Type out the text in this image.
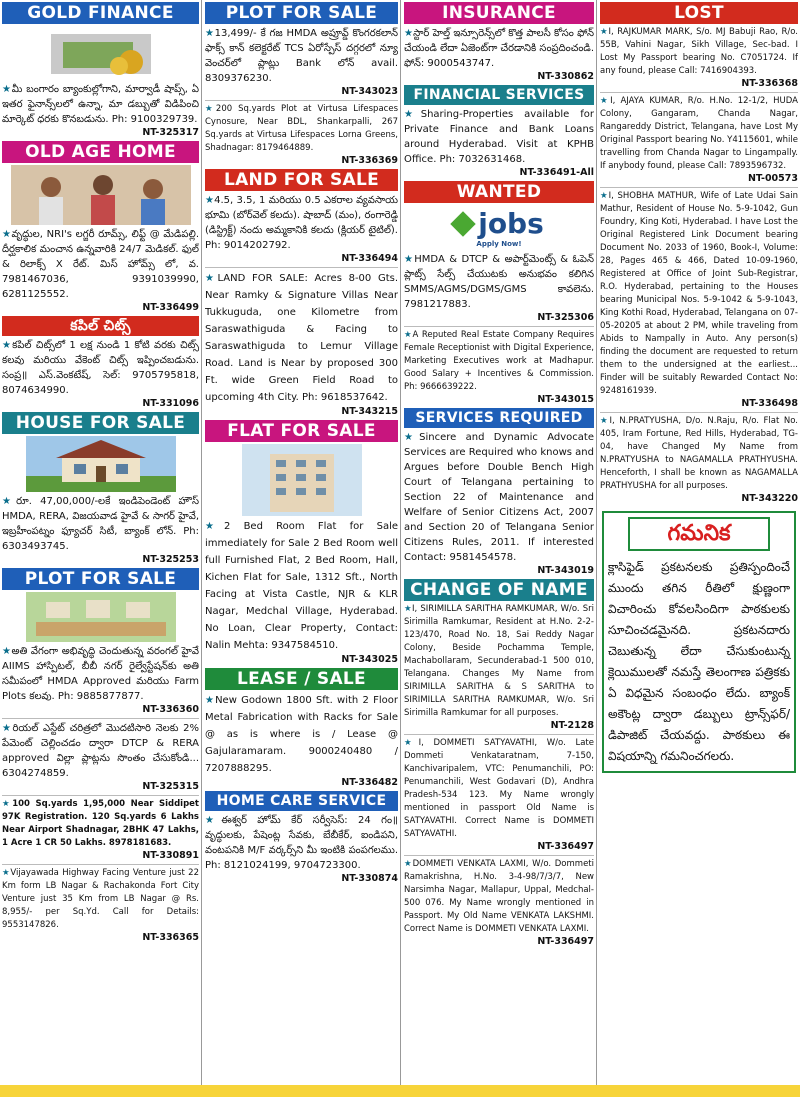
GOLD FINANCE
★మీ బంగారం బ్యాంకుల్లోగాని, మార్వాడీ షాప్స్, ఏ ఇతర ఫైనాన్స్‌లలో ఉన్నా, మా డబ్బుతో విడిపించి మార్కెట్ ధరకు కొనబడును. Ph: 9100329739.
NT-325317
OLD AGE HOME
★వృద్ధుల, NRI's లగ్జరీ రూమ్స్, లిఫ్ట్ @ మేడిపల్లి. దీర్ఘకాలిక మంచాన ఉన్నవారికి 24/7 మెడికల్. ఫుల్ & రిలాక్స్ X రేట్. మిస్ హోమ్స్ లో, వ. 7981467036, 9391039990, 6281125552.
NT-336499
కపిల్ చిట్స్
★కపిల్ చిట్స్‌లో 1 లక్ష నుండి 1 కోటి వరకు చిట్స్ కలవు మరియు వేకెంట్ చిట్స్ ఇప్పించబడును. సంప్ర॥ ఎస్.వెంకటేష్, సెల్: 9705795818, 8074634990.
NT-331096
HOUSE FOR SALE
★రూ. 47,00,000/-లకే ఇండిపెండెంట్ హౌస్ HMDA, RERA, విజయవాడ హైవే & సాగర్ హైవే, ఇబ్రహీంపట్నం ఫ్యూచర్ సిటీ, బ్యాంక్ లోన్. Ph: 6303493745.
NT-325253
PLOT FOR SALE
★అతి వేగంగా అభివృద్ధి చెందుతున్న వరంగల్ హైవే AIIMS హాస్పిటల్, బీబీ నగర్ రైల్వేస్టేషన్‌కు అతి సమీపంలో HMDA Approved మరియు Farm Plots కలవు. Ph: 9885877877.
NT-336360
★రియల్ ఎస్టేట్ చరిత్రలో మొదటిసారి నెలకు 2% పేమెంట్ చెల్లించడం ద్వారా DTCP & RERA approved విల్లా ప్లాట్లను సొంతం చేసుకోండి... 6304274859.
NT-325315
★100 Sq.yards 1,95,000 Near Siddipet 97K Registration. 120 Sq.yards 6 Lakhs Near Airport Shadnagar, 2BHK 47 Lakhs, 1 Acre 1 CR 50 Lakhs. 8978181683.
NT-330891
★Vijayawada Highway Facing Venture just 22 Km form LB Nagar & Rachakonda Fort City Venture just 35 Km from LB Nagar @ Rs. 8,955/- per Sq.Yd. Call for Details: 9553147826.
NT-336365
PLOT FOR SALE
★13,499/- కే గజ HMDA అప్రూవ్డ్ కొంగరకలాన్ ఫాక్స్ కాన్ కలెక్టరేట్ TCS ఏరోస్పేస్ దగ్గరలో న్యూ వెంచర్‌లో ప్లాట్లు Bank లోన్ avail. 8309376230.
NT-343023
★200 Sq.yards Plot at Virtusa Lifespaces Cynosure, Near BDL, Shankarpalli, 267 Sq.yards at Virtusa Lifespaces Lorna Greens, Shadnagar: 8179464889.
NT-336369
LAND FOR SALE
★4.5, 3.5, 1 మరియు 0.5 ఎకరాల వ్యవసాయ భూమి (బోర్‌వెల్ కలదు). షాబాద్ (మం), రంగారెడ్డి (డిస్ట్రిక్ట్) నందు అమ్మకానికి కలదు (క్లియర్ టైటిల్). Ph: 9014202792.
NT-336494
★LAND FOR SALE: Acres 8-00 Gts. Near Ramky & Signature Villas Near Tukkuguda, one Kilometre from Saraswathiguda & Facing to Saraswathiguda to Lemur Village Road. Land is Near by proposed 300 Ft. wide Green Field Road to upcoming 4th City. Ph: 9618537642.
NT-343215
FLAT FOR SALE
★2 Bed Room Flat for Sale immediately for Sale 2 Bed Room well full Furnished Flat, 2 Bed Room, Hall, Kichen Flat for Sale, 1312 Sft., North Facing at Vista Castle, NJR & KLR Nagar, Medchal Village, Hyderabad. No Loan, Clear Property, Contact: Nalin Mehta: 9347584510.
NT-343025
LEASE / SALE
★New Godown 1800 Sft. with 2 Floor Metal Fabrication with Racks for Sale @ as is where is / Lease @ Gajularamaram. 9000240480 / 7207888295.
NT-336482
HOME CARE SERVICE
★ఈశ్వర్ హోమ్ కేర్ సర్వీసెస్: 24 గం॥ వృద్ధులకు, పేషెంట్ల సేవకు, బేబీకేర్, ఐండిపని, వంటపనికి M/F వర్కర్స్‌ని మీ ఇంటికి పంపగలము. Ph: 8121024199, 9704723300.
NT-330874
INSURANCE
★స్టార్ హెల్త్ ఇన్సూరెన్స్‌లో కొత్త పాలసీ కోసం ఫోన్ చేయండి లేదా ఏజెంట్‌గా చేరడానికి సంప్రదించండి. ఫోన్: 9000543747.
NT-330862
FINANCIAL SERVICES
★Sharing-Properties available for Private Finance and Bank Loans around Hyderabad. Visit at KPHB Office. Ph: 7032631468.
NT-336491-All
WANTED
jobs
Apply Now!
★HMDA & DTCP & అపార్ట్‌మెంట్స్ & ఓపెన్ ప్లాట్స్ సేల్స్ చేయుటకు అనుభవం కలిగిన SMMS/AGMS/DGMS/GMS కావలెను. 7981217883.
NT-325306
★A Reputed Real Estate Company Requires Female Receptionist with Digital Experience, Marketing Executives work at Madhapur. Good Salary + Incentives & Commission. Ph: 9666639222.
NT-343015
SERVICES REQUIRED
★Sincere and Dynamic Advocate Services are Required who knows and Argues before Double Bench High Court of Telangana pertaining to Section 22 of Maintenance and Welfare of Senior Citizens Act, 2007 and Section 20 of Telangana Senior Citizens Rules, 2011. If interested Contact: 9581454578.
NT-343019
CHANGE OF NAME
★I, SIRIMILLA SARITHA RAMKUMAR, W/o. Sri Sirimilla Ramkumar, Resident at H.No. 2-2-123/470, Road No. 18, Sai Reddy Nagar Colony, Beside Pochamma Temple, Machabollaram, Secunderabad-1 500 010, Telangana. Changes My Name from SIRIMILLA SARITHA & S SARITHA to SIRIMILLA SARITHA RAMKUMAR, W/o. Sri Sirimilla Ramkumar for all purposes.
NT-2128
★I, DOMMETI SATYAVATHI, W/o. Late Dommeti Venkataratnam, 7-150, Kanchivaripalem, VTC: Penumanchili, PO: Penumanchili, West Godavari (D), Andhra Pradesh-534 123. My Name wrongly mentioned in passport Old Name is SATYAVATHI. Correct Name is DOMMETI SATYAVATHI.
NT-336497
★DOMMETI VENKATA LAXMI, W/o. Dommeti Ramakrishna, H.No. 3-4-98/7/3/7, New Narsimha Nagar, Mallapur, Uppal, Medchal-500 076. My Name wrongly mentioned in Passport. My Old Name VENKATA LAKSHMI. Correct Name is DOMMETI VENKATA LAXMI.
NT-336497
LOST
★I, RAJKUMAR MARK, S/o. MJ Babuji Rao, R/o. 55B, Vahini Nagar, Sikh Village, Sec-bad. I Lost My Passport bearing No. C7051724. If any found, please Call: 7416904393.
NT-336368
★I, AJAYA KUMAR, R/o. H.No. 12-1/2, HUDA Colony, Gangaram, Chanda Nagar, Rangareddy District, Telangana, have Lost My Original Passport bearing No. Y4115601, while travelling from Chanda Nagar to Lingampally. If anybody found, please Call: 7893596732.
NT-00573
★I, SHOBHA MATHUR, Wife of Late Udai Sain Mathur, Resident of House No. 5-9-1042, Gun Foundry, King Koti, Hyderabad. I have Lost the Original Registered Link Document bearing Document No. 2033 of 1960, Book-I, Volume: 28, Pages 465 & 466, Dated 10-09-1960, Registered at Office of Joint Sub-Registrar, R.O. Hyderabad, pertaining to the Houses bearing Municipal Nos. 5-9-1042 & 5-9-1043, King Kothi Road, Hyderabad, Telangana on 07-05-20205 at about 2 PM, while traveling from Abids to Nampally in Auto. Any person(s) finding the document are requested to return them to the undersigned at the earliest... Finder will be suitably Rewarded Contact No: 9248161939.
NT-336498
★I, N.PRATYUSHA, D/o. N.Raju, R/o. Flat No. 405, Iram Fortune, Red Hills, Hyderabad, TG-04, have Changed My Name from N.PRATYUSHA to NAGAMALLA PRATHYUSHA. Henceforth, I shall be known as NAGAMALLA PRATHYUSHA for all purposes.
NT-343220
గమనిక
క్లాసిఫైడ్ ప్రకటనలకు ప్రతిస్పందించే ముందు తగిన రీతిలో క్షుణ్ణంగా విచారించు కోవలసిందిగా పాఠకులకు సూచించడమైనది. ప్రకటనదారు చెబుతున్న లేదా చేసుకుంటున్న క్లెయిములతో నమస్తే తెలంగాణ పత్రికకు ఏ విధమైన సంబంధం లేదు. బ్యాంక్ అకౌంట్ల ద్వారా డబ్బులు ట్రాన్స్‌ఫర్/డిపాజిట్ చేయవద్దు. పాఠకులు ఈ విషయాన్ని గమనించగలరు.
